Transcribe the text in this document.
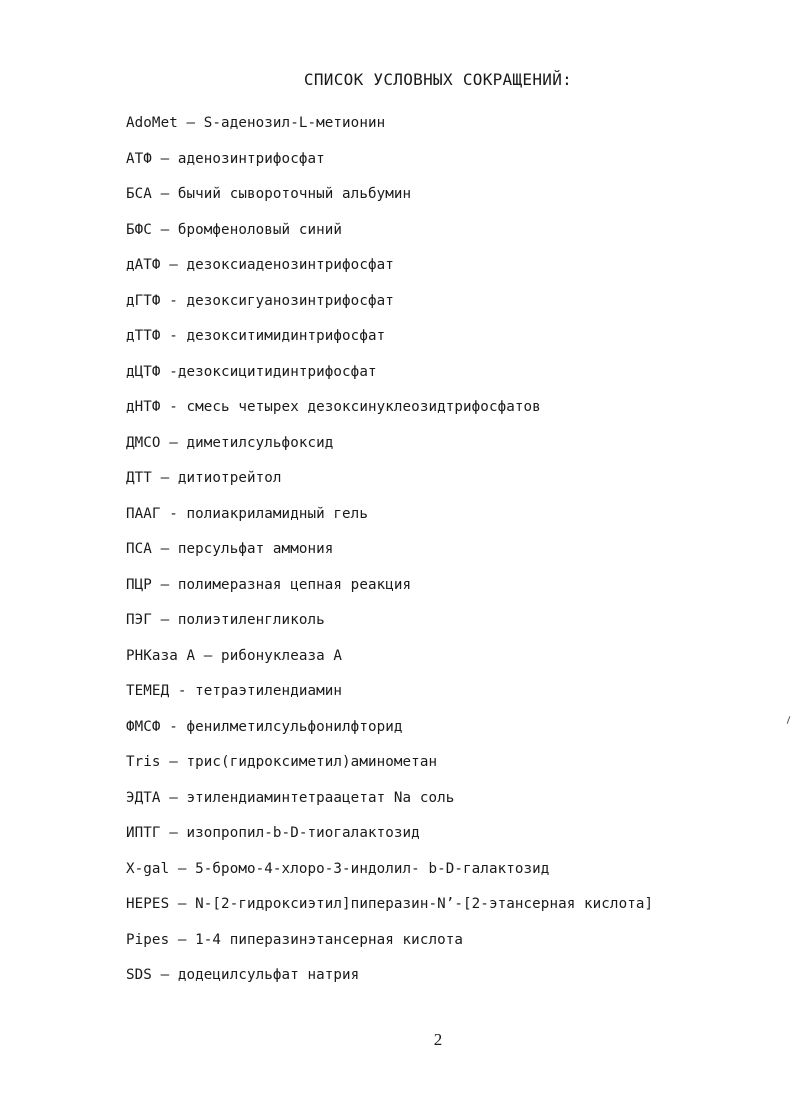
СПИСОК УСЛОВНЫХ СОКРАЩЕНИЙ:
AdoMet – S-аденозил-L-метионин
АТФ – аденозинтрифосфат
БСА – бычий сывороточный альбумин
БФС – бромфеноловый синий
дАТФ – дезоксиаденозинтрифосфат
дГТФ - дезоксигуанозинтрифосфат
дТТФ - дезокситимидинтрифосфат
дЦТФ -дезоксицитидинтрифосфат
дНТФ - смесь четырех дезоксинуклеозидтрифосфатов
ДМСО – диметилсульфоксид
ДТТ – дитиотрейтол
ПААГ - полиакриламидный гель
ПСА – персульфат аммония
ПЦР – полимеразная цепная реакция
ПЭГ – полиэтиленгликоль
РНКаза А – рибонуклеаза А
ТЕМЕД - тетраэтилендиамин
ФМСФ - фенилметилсульфонилфторид
Tris – трис(гидроксиметил)аминометан
ЭДТА – этилендиаминтетраацетат Na соль
ИПТГ – изопропил-b-D-тиогалактозид
X-gal – 5-бромо-4-хлоро-3-индолил- b-D-галактозид
HEPES – N-[2-гидроксиэтил]пиперазин-N’-[2-этансерная кислота]
Pipes – 1-4 пиперазинэтансерная кислота
SDS – додецилсульфат натрия
2
